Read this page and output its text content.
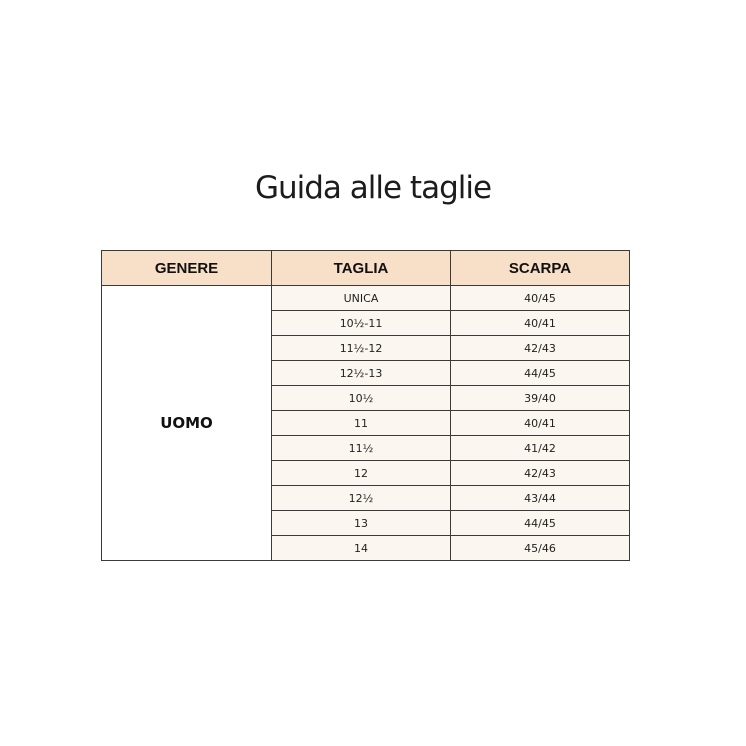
Guida alle taglie
GENERE	TAGLIA	SCARPA
UOMO	UNICA	40/45
	10½-11	40/41
	11½-12	42/43
	12½-13	44/45
	10½	39/40
	11	40/41
	11½	41/42
	12	42/43
	12½	43/44
	13	44/45
	14	45/46
